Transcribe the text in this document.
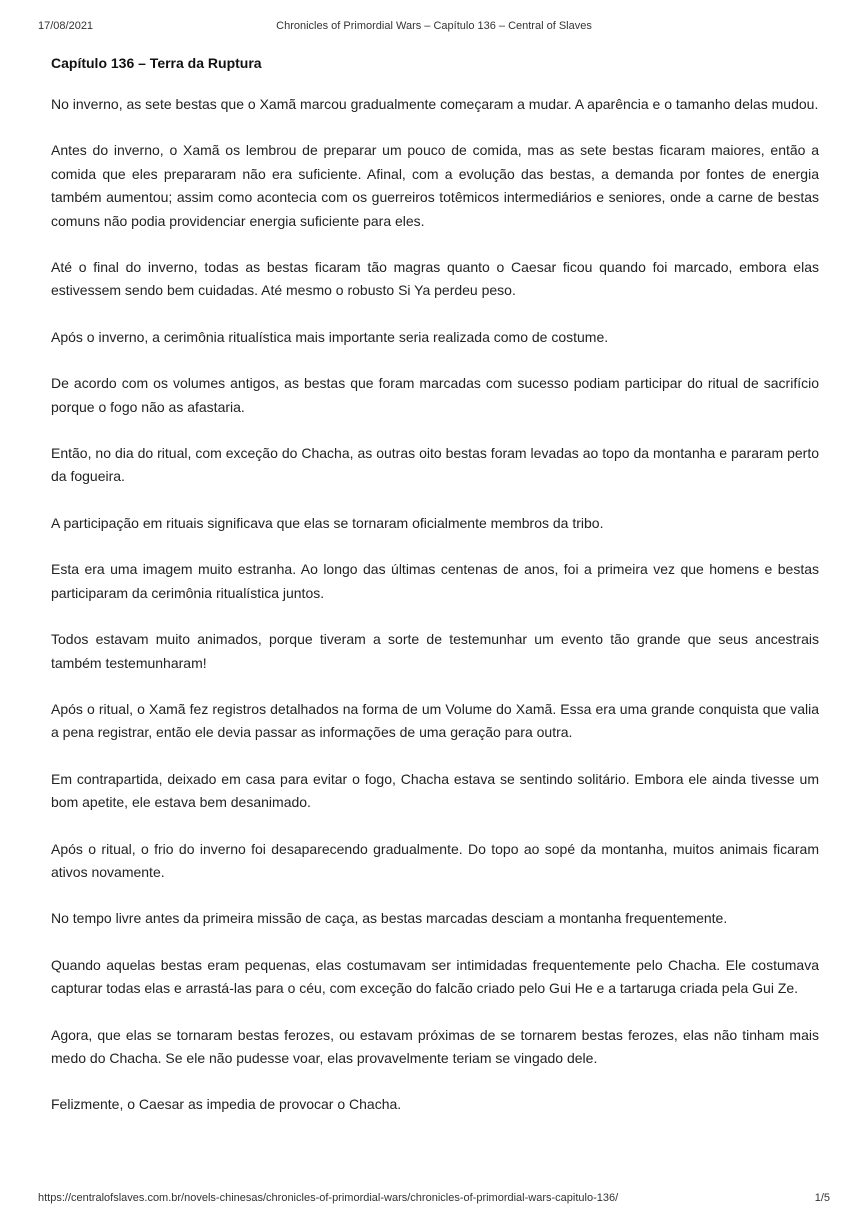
17/08/2021	Chronicles of Primordial Wars – Capítulo 136 – Central of Slaves
Capítulo 136 – Terra da Ruptura

No inverno, as sete bestas que o Xamã marcou gradualmente começaram a mudar. A aparência e o tamanho delas mudou.

Antes do inverno, o Xamã os lembrou de preparar um pouco de comida, mas as sete bestas ficaram maiores, então a comida que eles prepararam não era suficiente. Afinal, com a evolução das bestas, a demanda por fontes de energia também aumentou; assim como acontecia com os guerreiros totêmicos intermediários e seniores, onde a carne de bestas comuns não podia providenciar energia suficiente para eles.

Até o final do inverno, todas as bestas ficaram tão magras quanto o Caesar ficou quando foi marcado, embora elas estivessem sendo bem cuidadas. Até mesmo o robusto Si Ya perdeu peso.

Após o inverno, a cerimônia ritualística mais importante seria realizada como de costume.

De acordo com os volumes antigos, as bestas que foram marcadas com sucesso podiam participar do ritual de sacrifício porque o fogo não as afastaria.

Então, no dia do ritual, com exceção do Chacha, as outras oito bestas foram levadas ao topo da montanha e pararam perto da fogueira.

A participação em rituais significava que elas se tornaram oficialmente membros da tribo.

Esta era uma imagem muito estranha. Ao longo das últimas centenas de anos, foi a primeira vez que homens e bestas participaram da cerimônia ritualística juntos.

Todos estavam muito animados, porque tiveram a sorte de testemunhar um evento tão grande que seus ancestrais também testemunharam!

Após o ritual, o Xamã fez registros detalhados na forma de um Volume do Xamã. Essa era uma grande conquista que valia a pena registrar, então ele devia passar as informações de uma geração para outra.

Em contrapartida, deixado em casa para evitar o fogo, Chacha estava se sentindo solitário. Embora ele ainda tivesse um bom apetite, ele estava bem desanimado.

Após o ritual, o frio do inverno foi desaparecendo gradualmente. Do topo ao sopé da montanha, muitos animais ficaram ativos novamente.

No tempo livre antes da primeira missão de caça, as bestas marcadas desciam a montanha frequentemente.

Quando aquelas bestas eram pequenas, elas costumavam ser intimidadas frequentemente pelo Chacha. Ele costumava capturar todas elas e arrastá-las para o céu, com exceção do falcão criado pelo Gui He e a tartaruga criada pela Gui Ze.

Agora, que elas se tornaram bestas ferozes, ou estavam próximas de se tornarem bestas ferozes, elas não tinham mais medo do Chacha. Se ele não pudesse voar, elas provavelmente teriam se vingado dele.

Felizmente, o Caesar as impedia de provocar o Chacha.

https://centralofslaves.com.br/novels-chinesas/chronicles-of-primordial-wars/chronicles-of-primordial-wars-capitulo-136/	1/5
